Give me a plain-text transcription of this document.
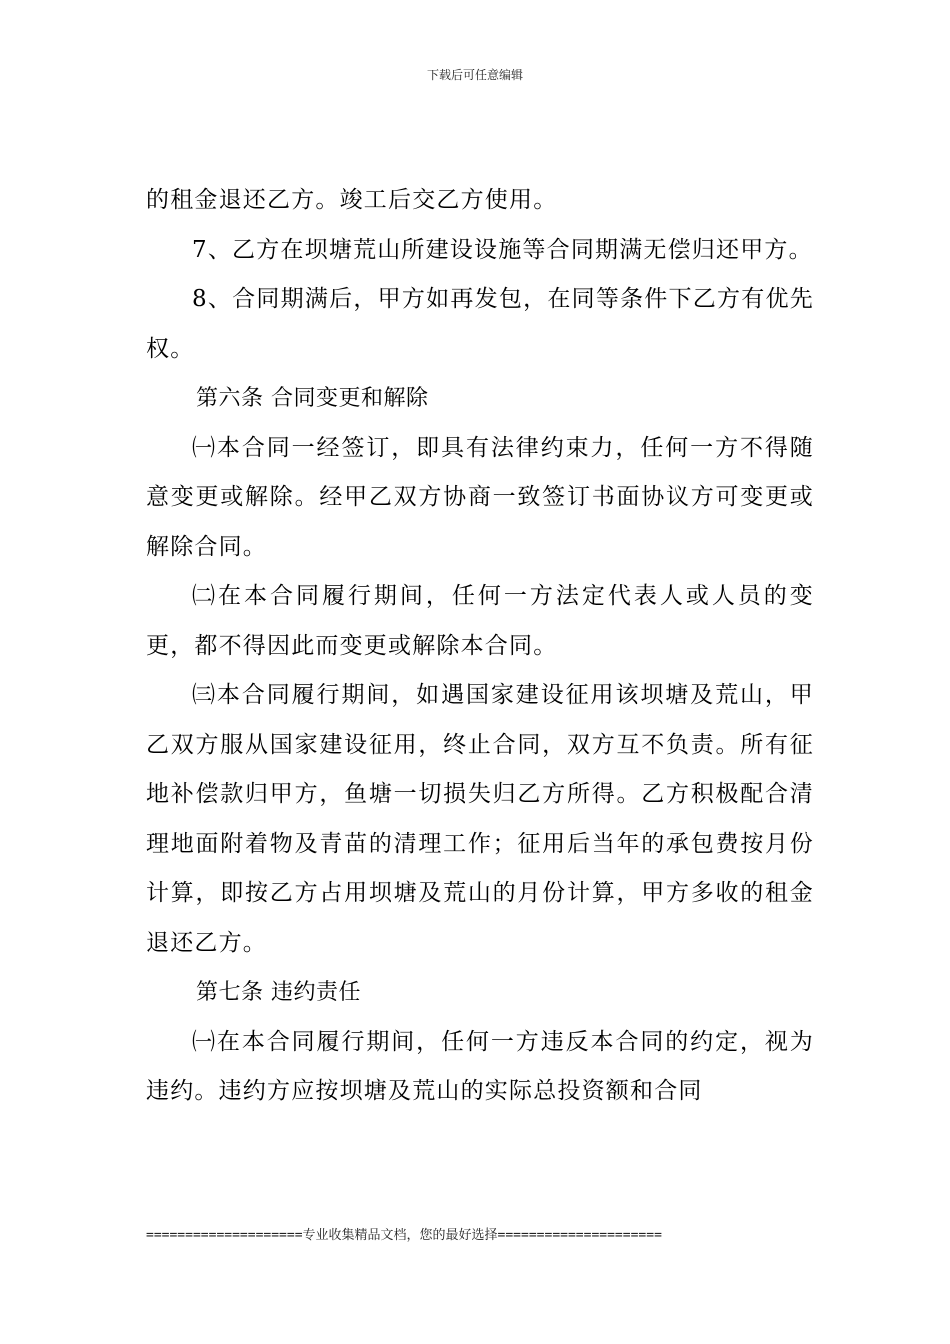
下载后可任意编辑

的租金退还乙方。竣工后交乙方使用。

7、乙方在坝塘荒山所建设设施等合同期满无偿归还甲方。

8、合同期满后，甲方如再发包，在同等条件下乙方有优先权。

第六条 合同变更和解除

㈠本合同一经签订，即具有法律约束力，任何一方不得随意变更或解除。经甲乙双方协商一致签订书面协议方可变更或解除合同。

㈡在本合同履行期间，任何一方法定代表人或人员的变更，都不得因此而变更或解除本合同。

㈢本合同履行期间，如遇国家建设征用该坝塘及荒山，甲乙双方服从国家建设征用，终止合同，双方互不负责。所有征地补偿款归甲方，鱼塘一切损失归乙方所得。乙方积极配合清理地面附着物及青苗的清理工作；征用后当年的承包费按月份计算，即按乙方占用坝塘及荒山的月份计算，甲方多收的租金退还乙方。

第七条 违约责任

㈠在本合同履行期间，任何一方违反本合同的约定，视为违约。违约方应按坝塘及荒山的实际总投资额和合同

====================专业收集精品文档，您的最好选择=====================
